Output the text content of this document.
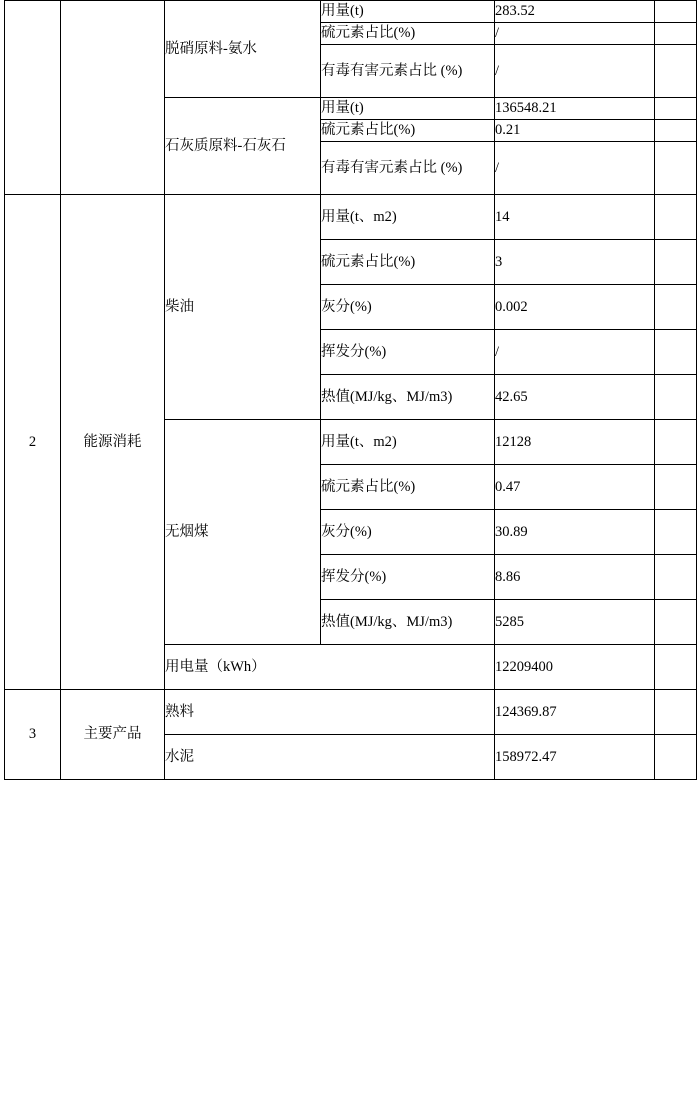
		脱硝原料-氨水	用量(t)	283.52	
			硫元素占比(%)	/	
			有毒有害元素占比 (%)	/	
		石灰质原料-石灰石	用量(t)	136548.21	
			硫元素占比(%)	0.21	
			有毒有害元素占比 (%)	/	
2	能源消耗	柴油	用量(t、m2)	14	
			硫元素占比(%)	3	
			灰分(%)	0.002	
			挥发分(%)	/	
			热值(MJ/kg、MJ/m3)	42.65	
		无烟煤	用量(t、m2)	12128	
			硫元素占比(%)	0.47	
			灰分(%)	30.89	
			挥发分(%)	8.86	
			热值(MJ/kg、MJ/m3)	5285	
		用电量（kWh）		12209400	
3	主要产品	熟料		124369.87	
		水泥		158972.47	
